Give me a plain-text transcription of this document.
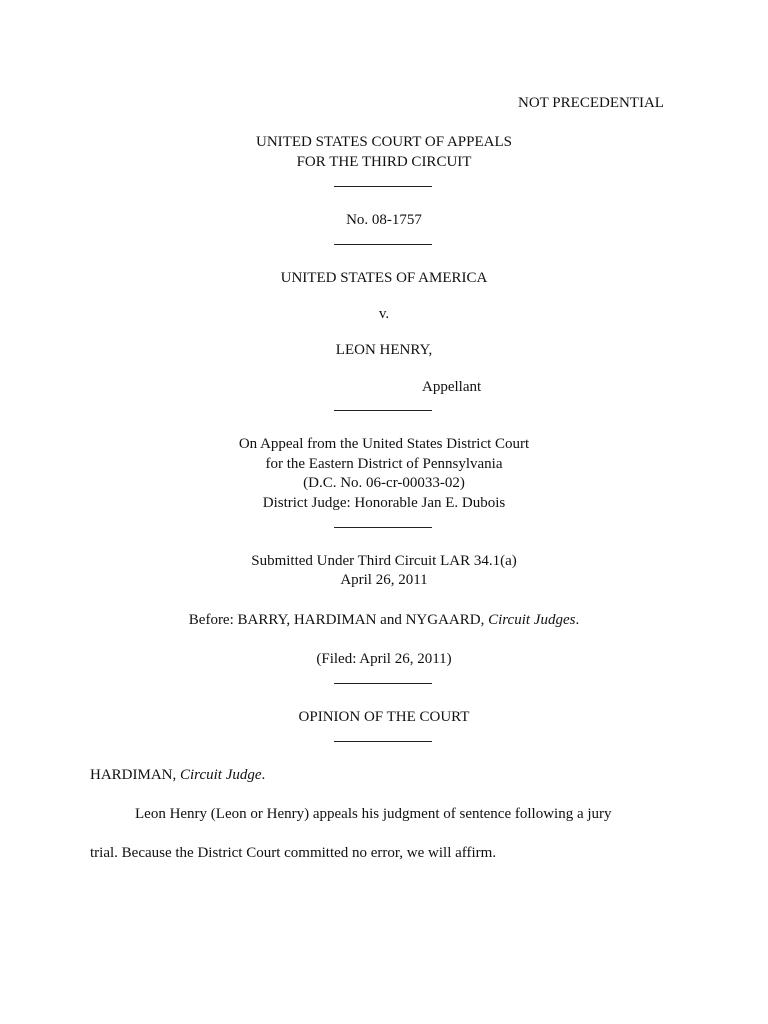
NOT PRECEDENTIAL
UNITED STATES COURT OF APPEALS
FOR THE THIRD CIRCUIT
No. 08-1757
UNITED STATES OF AMERICA
v.
LEON HENRY,
Appellant
On Appeal from the United States District Court
for the Eastern District of Pennsylvania
(D.C. No. 06-cr-00033-02)
District Judge: Honorable Jan E. Dubois
Submitted Under Third Circuit LAR 34.1(a)
April 26, 2011
Before: BARRY, HARDIMAN and NYGAARD, Circuit Judges.
(Filed: April 26, 2011)
OPINION OF THE COURT
HARDIMAN, Circuit Judge.
Leon Henry (Leon or Henry) appeals his judgment of sentence following a jury
trial. Because the District Court committed no error, we will affirm.
